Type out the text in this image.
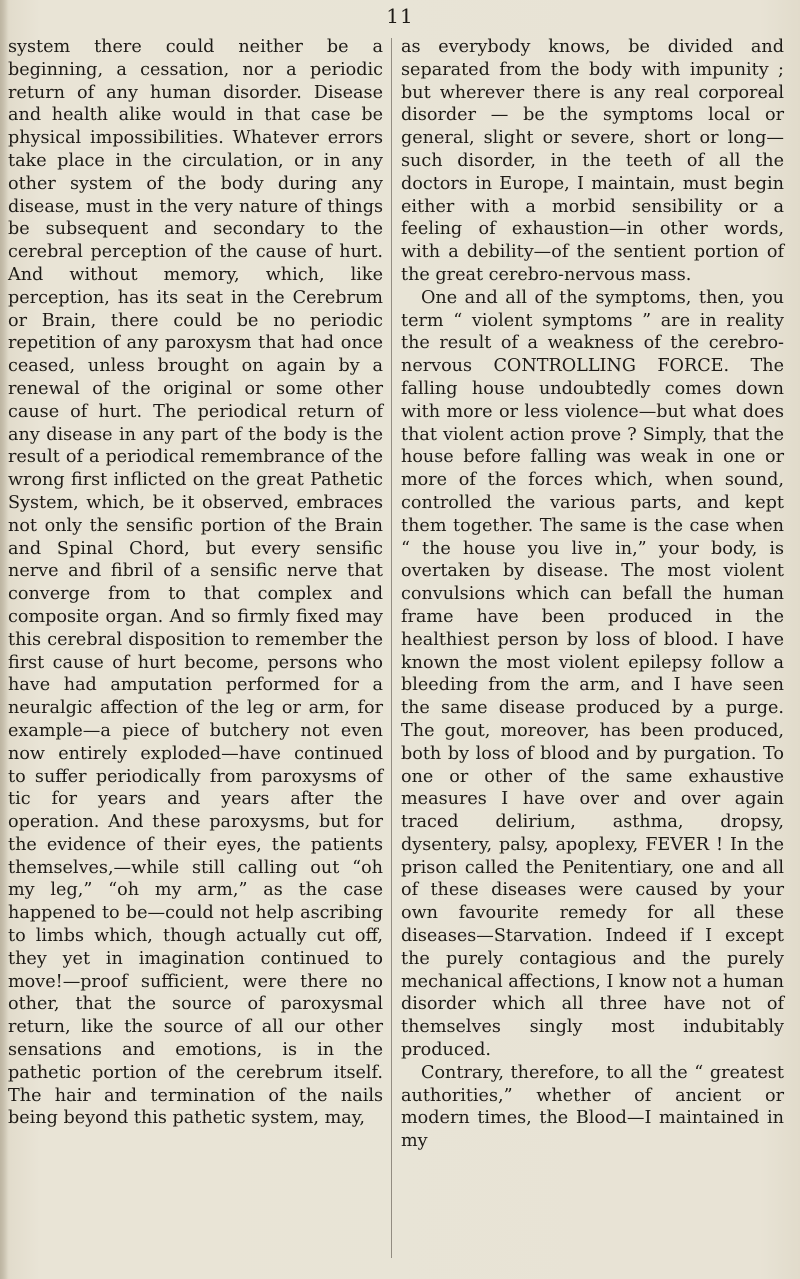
11

system there could neither be a beginning, a cessation, nor a periodic return of any human disorder. Disease and health alike would in that case be physical impossibilities. Whatever errors take place in the circulation, or in any other system of the body during any disease, must in the very nature of things be subsequent and secondary to the cerebral perception of the cause of hurt. And without memory, which, like perception, has its seat in the Cerebrum or Brain, there could be no periodic repetition of any paroxysm that had once ceased, unless brought on again by a renewal of the original or some other cause of hurt. The periodical return of any disease in any part of the body is the result of a periodical remembrance of the wrong first inflicted on the great Pathetic System, which, be it observed, embraces not only the sensific portion of the Brain and Spinal Chord, but every sensific nerve and fibril of a sensific nerve that converge from to that complex and composite organ. And so firmly fixed may this cerebral disposition to remember the first cause of hurt become, persons who have had amputation performed for a neuralgic affection of the leg or arm, for example—a piece of butchery not even now entirely exploded—have continued to suffer periodically from paroxysms of tic for years and years after the operation. And these paroxysms, but for the evidence of their eyes, the patients themselves,—while still calling out “oh my leg,” “oh my arm,” as the case happened to be—could not help ascribing to limbs which, though actually cut off, they yet in imagination continued to move!—proof sufficient, were there no other, that the source of paroxysmal return, like the source of all our other sensations and emotions, is in the pathetic portion of the cerebrum itself. The hair and termination of the nails being beyond this pathetic system, may,

as everybody knows, be divided and separated from the body with impunity ; but wherever there is any real corporeal disorder — be the symptoms local or general, slight or severe, short or long—such disorder, in the teeth of all the doctors in Europe, I maintain, must begin either with a morbid sensibility or a feeling of exhaustion—in other words, with a debility—of the sentient portion of the great cerebro-nervous mass.

One and all of the symptoms, then, you term “ violent symptoms ” are in reality the result of a weakness of the cerebro-nervous CONTROLLING FORCE. The falling house undoubtedly comes down with more or less violence—but what does that violent action prove ? Simply, that the house before falling was weak in one or more of the forces which, when sound, controlled the various parts, and kept them together. The same is the case when “ the house you live in,” your body, is overtaken by disease. The most violent convulsions which can befall the human frame have been produced in the healthiest person by loss of blood. I have known the most violent epilepsy follow a bleeding from the arm, and I have seen the same disease produced by a purge. The gout, moreover, has been produced, both by loss of blood and by purgation. To one or other of the same exhaustive measures I have over and over again traced delirium, asthma, dropsy, dysentery, palsy, apoplexy, FEVER ! In the prison called the Penitentiary, one and all of these diseases were caused by your own favourite remedy for all these diseases—Starvation. Indeed if I except the purely contagious and the purely mechanical affections, I know not a human disorder which all three have not of themselves singly most indubitably produced.

Contrary, therefore, to all the “ greatest authorities,” whether of ancient or modern times, the Blood—I maintained in my
